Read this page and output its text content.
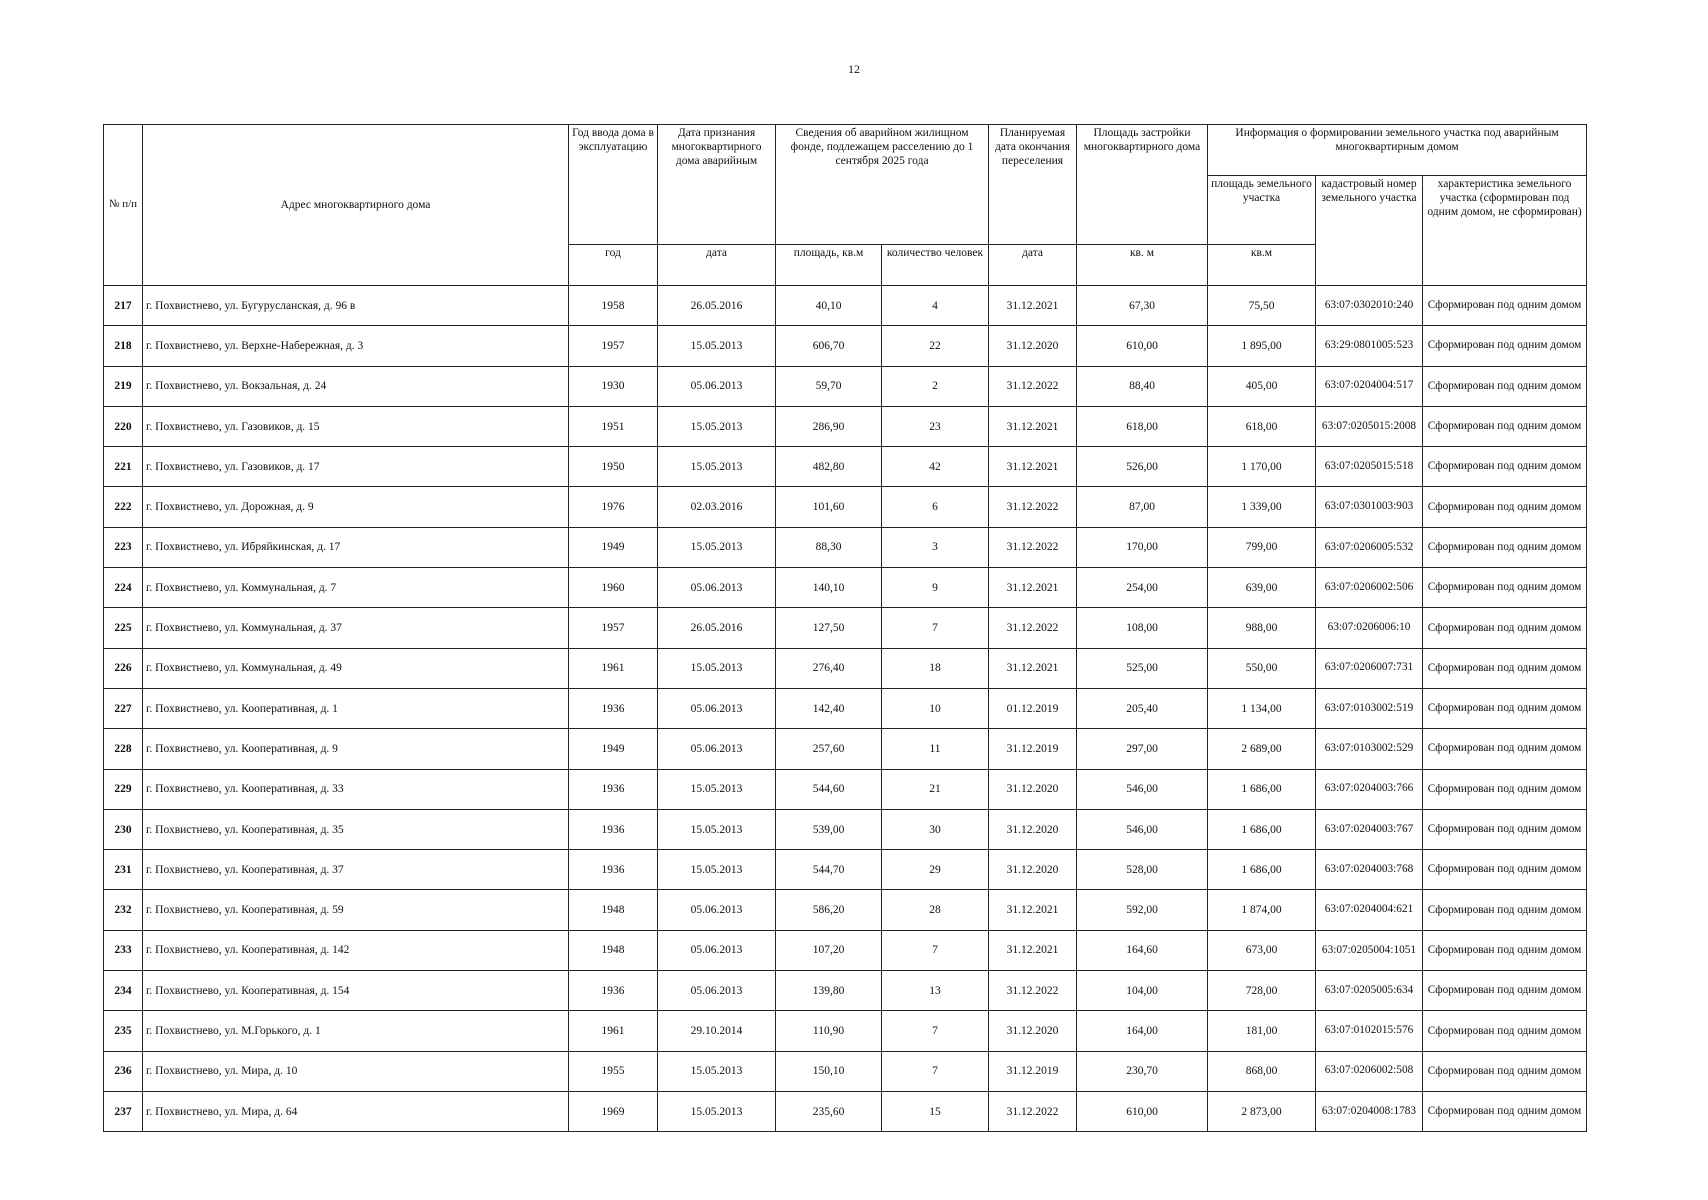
12
№ п/п	Адрес многоквартирного дома	Год ввода дома в эксплуатацию	Дата признания многоквартирного дома аварийным	Сведения об аварийном жилищном фонде, подлежащем расселению до 1 сентября 2025 года		Планируемая дата окончания переселения	Площадь застройки многоквартирного дома	Информация о формировании земельного участка под аварийным многоквартирным домом		
								площадь земельного участка	кадастровый номер земельного участка	характеристика земельного участка (сформирован под одним домом, не сформирован)
		год	дата	площадь, кв.м	количество человек	дата	кв. м	кв.м		
217	г. Похвистнево, ул. Бугурусланская, д. 96 в	1958	26.05.2016	40,10	4	31.12.2021	67,30	75,50	63:07:0302010:240	Сформирован под одним домом
218	г. Похвистнево, ул. Верхне-Набережная, д. 3	1957	15.05.2013	606,70	22	31.12.2020	610,00	1 895,00	63:29:0801005:523	Сформирован под одним домом
219	г. Похвистнево, ул. Вокзальная, д. 24	1930	05.06.2013	59,70	2	31.12.2022	88,40	405,00	63:07:0204004:517	Сформирован под одним домом
220	г. Похвистнево, ул. Газовиков, д. 15	1951	15.05.2013	286,90	23	31.12.2021	618,00	618,00	63:07:0205015:2008	Сформирован под одним домом
221	г. Похвистнево, ул. Газовиков, д. 17	1950	15.05.2013	482,80	42	31.12.2021	526,00	1 170,00	63:07:0205015:518	Сформирован под одним домом
222	г. Похвистнево, ул. Дорожная, д. 9	1976	02.03.2016	101,60	6	31.12.2022	87,00	1 339,00	63:07:0301003:903	Сформирован под одним домом
223	г. Похвистнево, ул. Ибряйкинская, д. 17	1949	15.05.2013	88,30	3	31.12.2022	170,00	799,00	63:07:0206005:532	Сформирован под одним домом
224	г. Похвистнево, ул. Коммунальная, д. 7	1960	05.06.2013	140,10	9	31.12.2021	254,00	639,00	63:07:0206002:506	Сформирован под одним домом
225	г. Похвистнево, ул. Коммунальная, д. 37	1957	26.05.2016	127,50	7	31.12.2022	108,00	988,00	63:07:0206006:10	Сформирован под одним домом
226	г. Похвистнево, ул. Коммунальная, д. 49	1961	15.05.2013	276,40	18	31.12.2021	525,00	550,00	63:07:0206007:731	Сформирован под одним домом
227	г. Похвистнево, ул. Кооперативная, д. 1	1936	05.06.2013	142,40	10	01.12.2019	205,40	1 134,00	63:07:0103002:519	Сформирован под одним домом
228	г. Похвистнево, ул. Кооперативная, д. 9	1949	05.06.2013	257,60	11	31.12.2019	297,00	2 689,00	63:07:0103002:529	Сформирован под одним домом
229	г. Похвистнево, ул. Кооперативная, д. 33	1936	15.05.2013	544,60	21	31.12.2020	546,00	1 686,00	63:07:0204003:766	Сформирован под одним домом
230	г. Похвистнево, ул. Кооперативная, д. 35	1936	15.05.2013	539,00	30	31.12.2020	546,00	1 686,00	63:07:0204003:767	Сформирован под одним домом
231	г. Похвистнево, ул. Кооперативная, д. 37	1936	15.05.2013	544,70	29	31.12.2020	528,00	1 686,00	63:07:0204003:768	Сформирован под одним домом
232	г. Похвистнево, ул. Кооперативная, д. 59	1948	05.06.2013	586,20	28	31.12.2021	592,00	1 874,00	63:07:0204004:621	Сформирован под одним домом
233	г. Похвистнево, ул. Кооперативная, д. 142	1948	05.06.2013	107,20	7	31.12.2021	164,60	673,00	63:07:0205004:1051	Сформирован под одним домом
234	г. Похвистнево, ул. Кооперативная, д. 154	1936	05.06.2013	139,80	13	31.12.2022	104,00	728,00	63:07:0205005:634	Сформирован под одним домом
235	г. Похвистнево, ул. М.Горького, д. 1	1961	29.10.2014	110,90	7	31.12.2020	164,00	181,00	63:07:0102015:576	Сформирован под одним домом
236	г. Похвистнево, ул. Мира, д. 10	1955	15.05.2013	150,10	7	31.12.2019	230,70	868,00	63:07:0206002:508	Сформирован под одним домом
237	г. Похвистнево, ул. Мира, д. 64	1969	15.05.2013	235,60	15	31.12.2022	610,00	2 873,00	63:07:0204008:1783	Сформирован под одним домом
